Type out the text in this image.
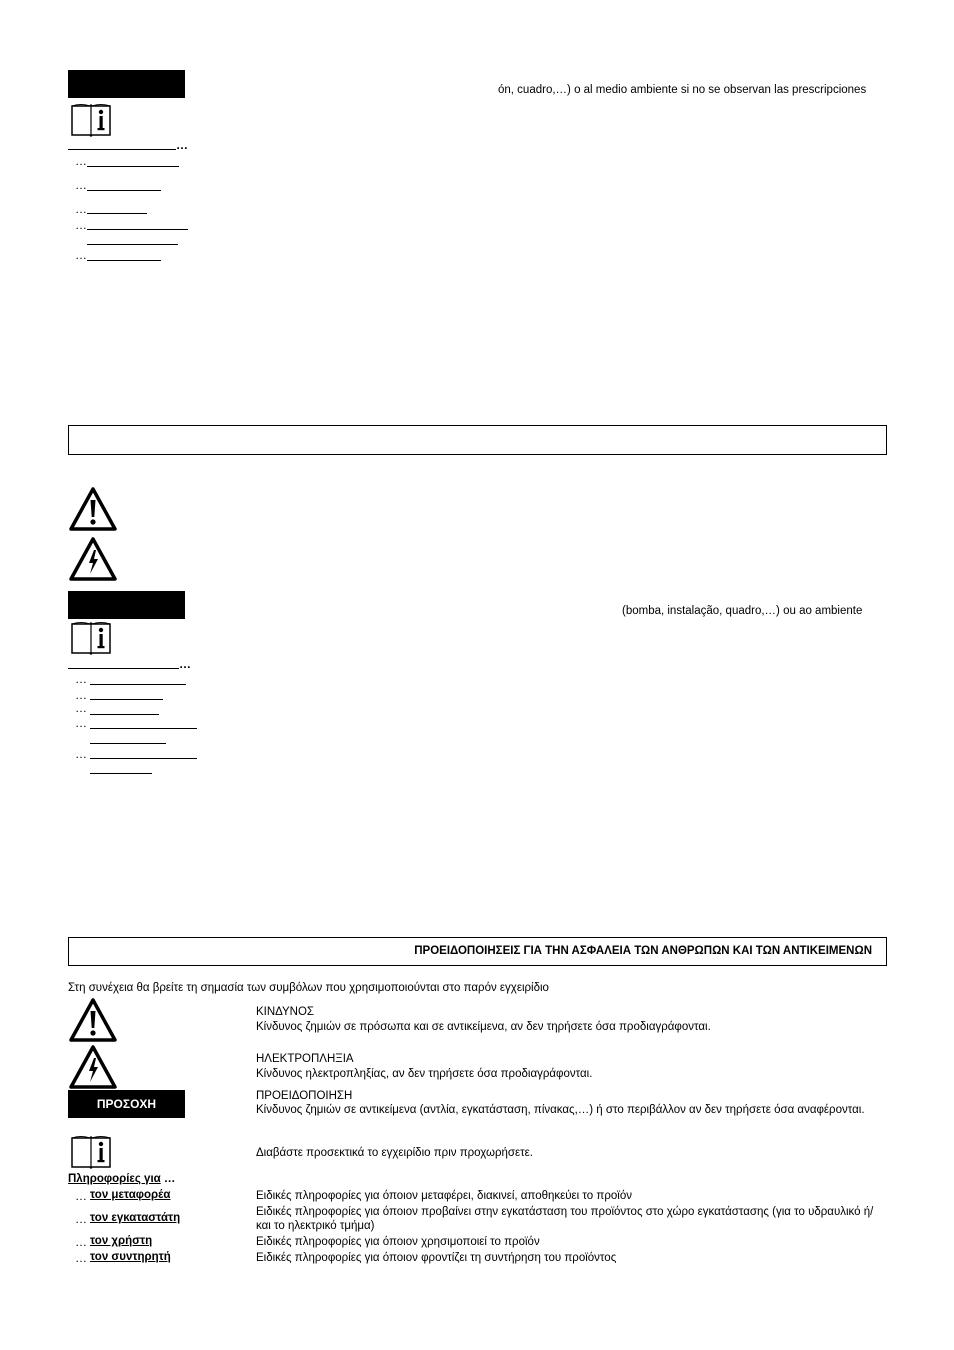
ón, cuadro,…) o al medio ambiente si no se observan las prescripciones
…
…
…
…
…
…
(bomba, instalação, quadro,…) ou ao ambiente
…
…
…
…
…
…
ΠΡΟΕΙΔΟΠΟΙΗΣΕΙΣ ΓΙΑ ΤΗΝ ΑΣΦΑΛΕΙΑ ΤΩΝ ΑΝΘΡΩΠΩΝ ΚΑΙ ΤΩΝ ΑΝΤΙΚΕΙΜΕΝΩΝ
Στη συνέχεια θα βρείτε τη σημασία των συμβόλων που χρησιμοποιούνται στο παρόν εγχειρίδιο
ΚΙΝΔΥΝΟΣ
Κίνδυνος ζημιών σε πρόσωπα και σε αντικείμενα, αν δεν τηρήσετε όσα προδιαγράφονται.
ΗΛΕΚΤΡΟΠΛΗΞΙΑ
Κίνδυνος ηλεκτροπληξίας, αν δεν τηρήσετε όσα προδιαγράφονται.
ΠΡΟΣΟΧΗ
ΠΡΟΕΙΔΟΠΟΙΗΣΗ
Κίνδυνος ζημιών σε αντικείμενα (αντλία, εγκατάσταση, πίνακας,…) ή στο περιβάλλον αν δεν τηρήσετε όσα αναφέρονται.
Διαβάστε προσεκτικά το εγχειρίδιο πριν προχωρήσετε.
Πληροφορίες για …
… τον μεταφορέα	Ειδικές πληροφορίες για όποιον μεταφέρει, διακινεί, αποθηκεύει το προϊόν
… τον εγκαταστάτη	Ειδικές πληροφορίες για όποιον προβαίνει στην εγκατάσταση του προϊόντος στο χώρο εγκατάστασης (για το υδραυλικό ή/και το ηλεκτρικό τμήμα)
… τον χρήστη	Ειδικές πληροφορίες για όποιον χρησιμοποιεί το προϊόν
… τον συντηρητή	Ειδικές πληροφορίες για όποιον φροντίζει τη συντήρηση του προϊόντος
